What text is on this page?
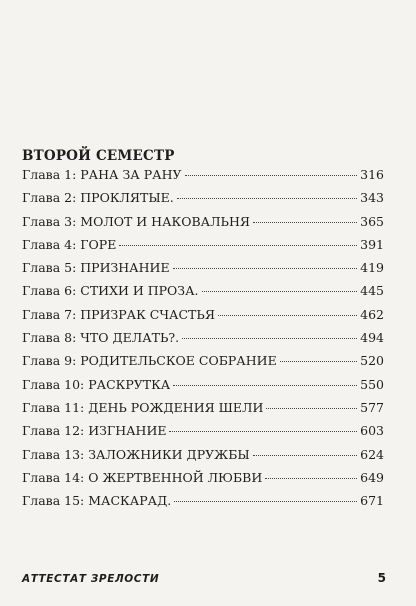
ВТОРОЙ СЕМЕСТР
Глава 1: РАНА ЗА РАНУ	316
Глава 2: ПРОКЛЯТЫЕ.	343
Глава 3: МОЛОТ И НАКОВАЛЬНЯ	365
Глава 4: ГОРЕ	391
Глава 5: ПРИЗНАНИЕ	419
Глава 6: СТИХИ И ПРОЗА.	445
Глава 7: ПРИЗРАК СЧАСТЬЯ	462
Глава 8: ЧТО ДЕЛАТЬ?.	494
Глава 9: РОДИТЕЛЬСКОЕ СОБРАНИЕ	520
Глава 10: РАСКРУТКА	550
Глава 11: ДЕНЬ РОЖДЕНИЯ ШЕЛИ	577
Глава 12: ИЗГНАНИЕ	603
Глава 13: ЗАЛОЖНИКИ ДРУЖБЫ	624
Глава 14: О ЖЕРТВЕННОЙ ЛЮБВИ	649
Глава 15: МАСКАРАД.	671
АТТЕСТАТ ЗРЕЛОСТИ	5
